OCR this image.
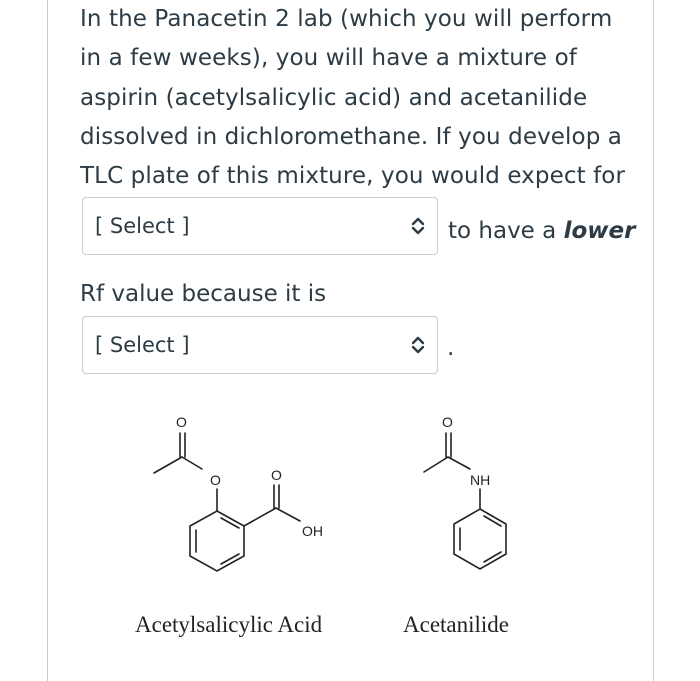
In the Panacetin 2 lab (which you will perform
in a few weeks), you will have a mixture of
aspirin (acetylsalicylic acid) and acetanilide
dissolved in dichloromethane. If you develop a
TLC plate of this mixture, you would expect for
[ Select ]	to have a lower
Rf value because it is
[ Select ]	.
O
O	O
OH
O
NH
Acetylsalicylic Acid	Acetanilide
